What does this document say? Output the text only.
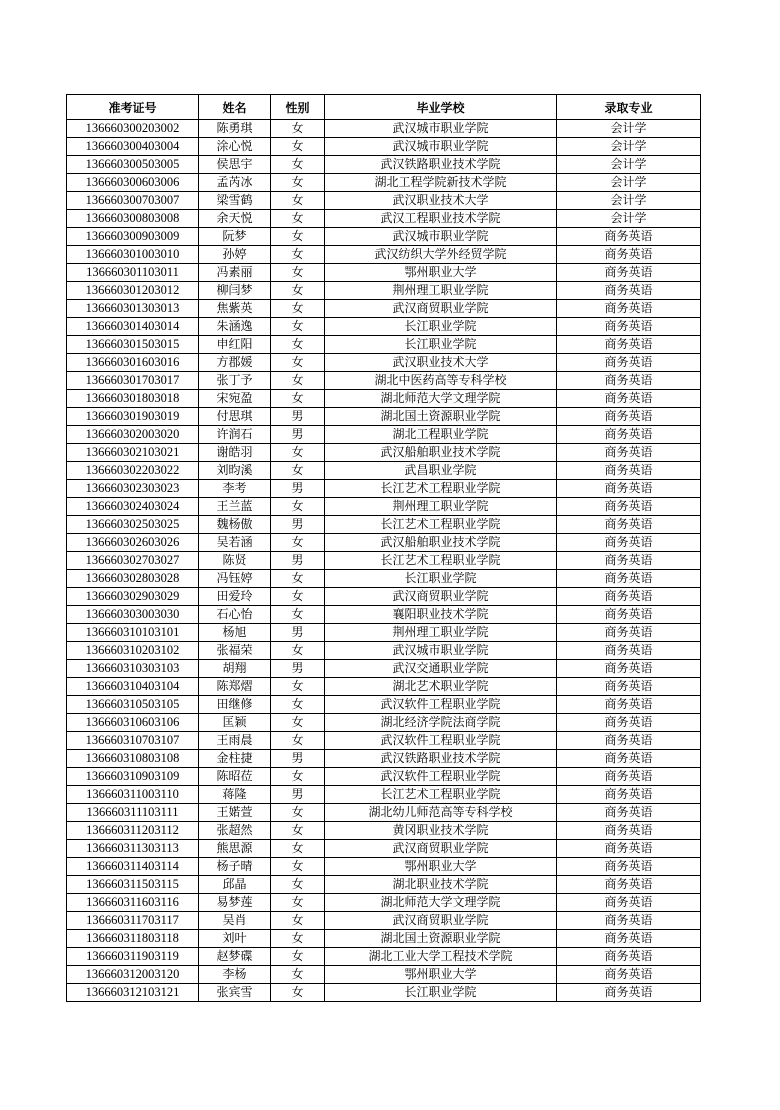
准考证号	姓名	性别	毕业学校	录取专业
136660300203002	陈勇琪	女	武汉城市职业学院	会计学
136660300403004	涂心悦	女	武汉城市职业学院	会计学
136660300503005	侯思宇	女	武汉铁路职业技术学院	会计学
136660300603006	孟芮冰	女	湖北工程学院新技术学院	会计学
136660300703007	梁雪鹤	女	武汉职业技术大学	会计学
136660300803008	余天悦	女	武汉工程职业技术学院	会计学
136660300903009	阮梦	女	武汉城市职业学院	商务英语
136660301003010	孙婷	女	武汉纺织大学外经贸学院	商务英语
136660301103011	冯素丽	女	鄂州职业大学	商务英语
136660301203012	柳闫梦	女	荆州理工职业学院	商务英语
136660301303013	焦紫英	女	武汉商贸职业学院	商务英语
136660301403014	朱涵逸	女	长江职业学院	商务英语
136660301503015	申红阳	女	长江职业学院	商务英语
136660301603016	方郡媛	女	武汉职业技术大学	商务英语
136660301703017	张丁予	女	湖北中医药高等专科学校	商务英语
136660301803018	宋宛盈	女	湖北师范大学文理学院	商务英语
136660301903019	付思琪	男	湖北国土资源职业学院	商务英语
136660302003020	许润石	男	湖北工程职业学院	商务英语
136660302103021	谢皓羽	女	武汉船舶职业技术学院	商务英语
136660302203022	刘昀溪	女	武昌职业学院	商务英语
136660302303023	李考	男	长江艺术工程职业学院	商务英语
136660302403024	王兰蓝	女	荆州理工职业学院	商务英语
136660302503025	魏杨傲	男	长江艺术工程职业学院	商务英语
136660302603026	吴若涵	女	武汉船舶职业技术学院	商务英语
136660302703027	陈贤	男	长江艺术工程职业学院	商务英语
136660302803028	冯钰婷	女	长江职业学院	商务英语
136660302903029	田爱玲	女	武汉商贸职业学院	商务英语
136660303003030	石心怡	女	襄阳职业技术学院	商务英语
136660310103101	杨旭	男	荆州理工职业学院	商务英语
136660310203102	张福荣	女	武汉城市职业学院	商务英语
136660310303103	胡翔	男	武汉交通职业学院	商务英语
136660310403104	陈郑熠	女	湖北艺术职业学院	商务英语
136660310503105	田继修	女	武汉软件工程职业学院	商务英语
136660310603106	匡颖	女	湖北经济学院法商学院	商务英语
136660310703107	王雨晨	女	武汉软件工程职业学院	商务英语
136660310803108	金柱捷	男	武汉铁路职业技术学院	商务英语
136660310903109	陈昭莅	女	武汉软件工程职业学院	商务英语
136660311003110	蒋隆	男	长江艺术工程职业学院	商务英语
136660311103111	王婼萱	女	湖北幼儿师范高等专科学校	商务英语
136660311203112	张超然	女	黄冈职业技术学院	商务英语
136660311303113	熊思源	女	武汉商贸职业学院	商务英语
136660311403114	杨子晴	女	鄂州职业大学	商务英语
136660311503115	邱晶	女	湖北职业技术学院	商务英语
136660311603116	易梦莲	女	湖北师范大学文理学院	商务英语
136660311703117	吴肖	女	武汉商贸职业学院	商务英语
136660311803118	刘叶	女	湖北国土资源职业学院	商务英语
136660311903119	赵梦碟	女	湖北工业大学工程技术学院	商务英语
136660312003120	李杨	女	鄂州职业大学	商务英语
136660312103121	张宾雪	女	长江职业学院	商务英语
